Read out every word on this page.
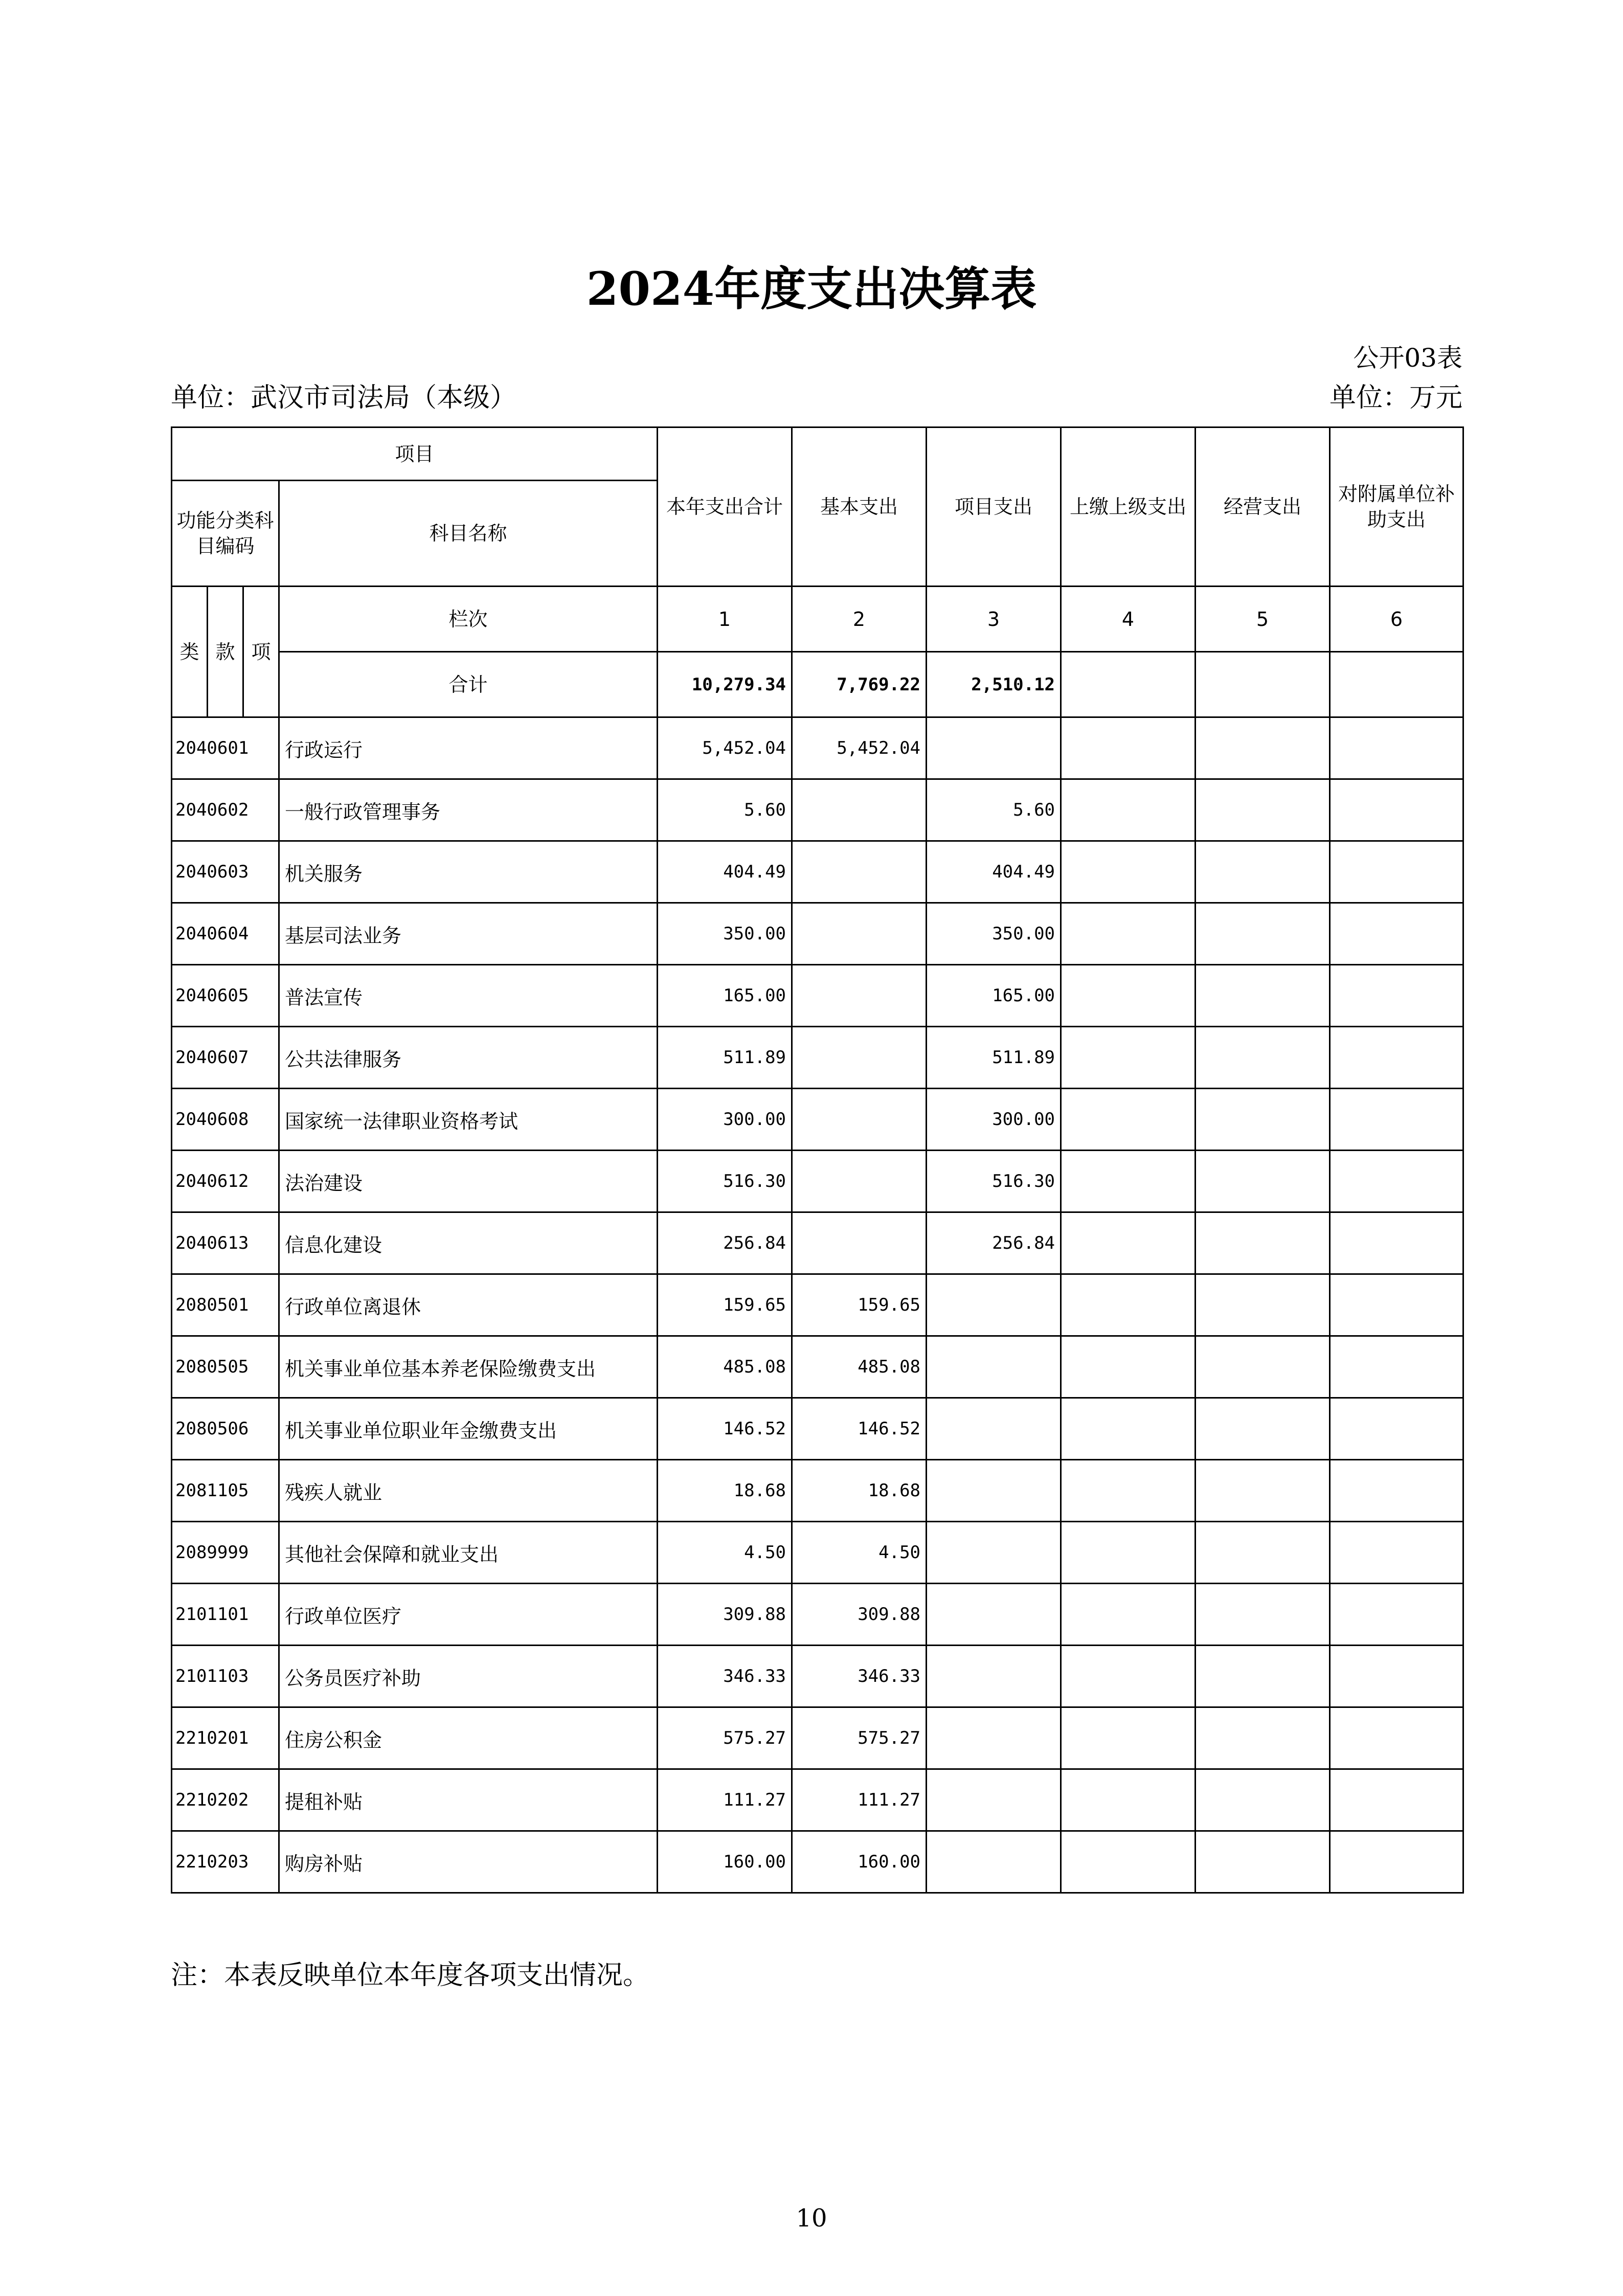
2024年度支出决算表
公开03表
单位：武汉市司法局（本级）	单位：万元
项目				本年支出合计	基本支出	项目支出	上缴上级支出	经营支出	对附属单位补助支出
功能分类科目编码			科目名称						
类	款	项	栏次	1	2	3	4	5	6
			合计	10,279.34	7,769.22	2,510.12			
2040601			行政运行	5,452.04	5,452.04				
2040602			一般行政管理事务	5.60		5.60			
2040603			机关服务	404.49		404.49			
2040604			基层司法业务	350.00		350.00			
2040605			普法宣传	165.00		165.00			
2040607			公共法律服务	511.89		511.89			
2040608			国家统一法律职业资格考试	300.00		300.00			
2040612			法治建设	516.30		516.30			
2040613			信息化建设	256.84		256.84			
2080501			行政单位离退休	159.65	159.65				
2080505			机关事业单位基本养老保险缴费支出	485.08	485.08				
2080506			机关事业单位职业年金缴费支出	146.52	146.52				
2081105			残疾人就业	18.68	18.68				
2089999			其他社会保障和就业支出	4.50	4.50				
2101101			行政单位医疗	309.88	309.88				
2101103			公务员医疗补助	346.33	346.33				
2210201			住房公积金	575.27	575.27				
2210202			提租补贴	111.27	111.27				
2210203			购房补贴	160.00	160.00				
注：本表反映单位本年度各项支出情况。
10
